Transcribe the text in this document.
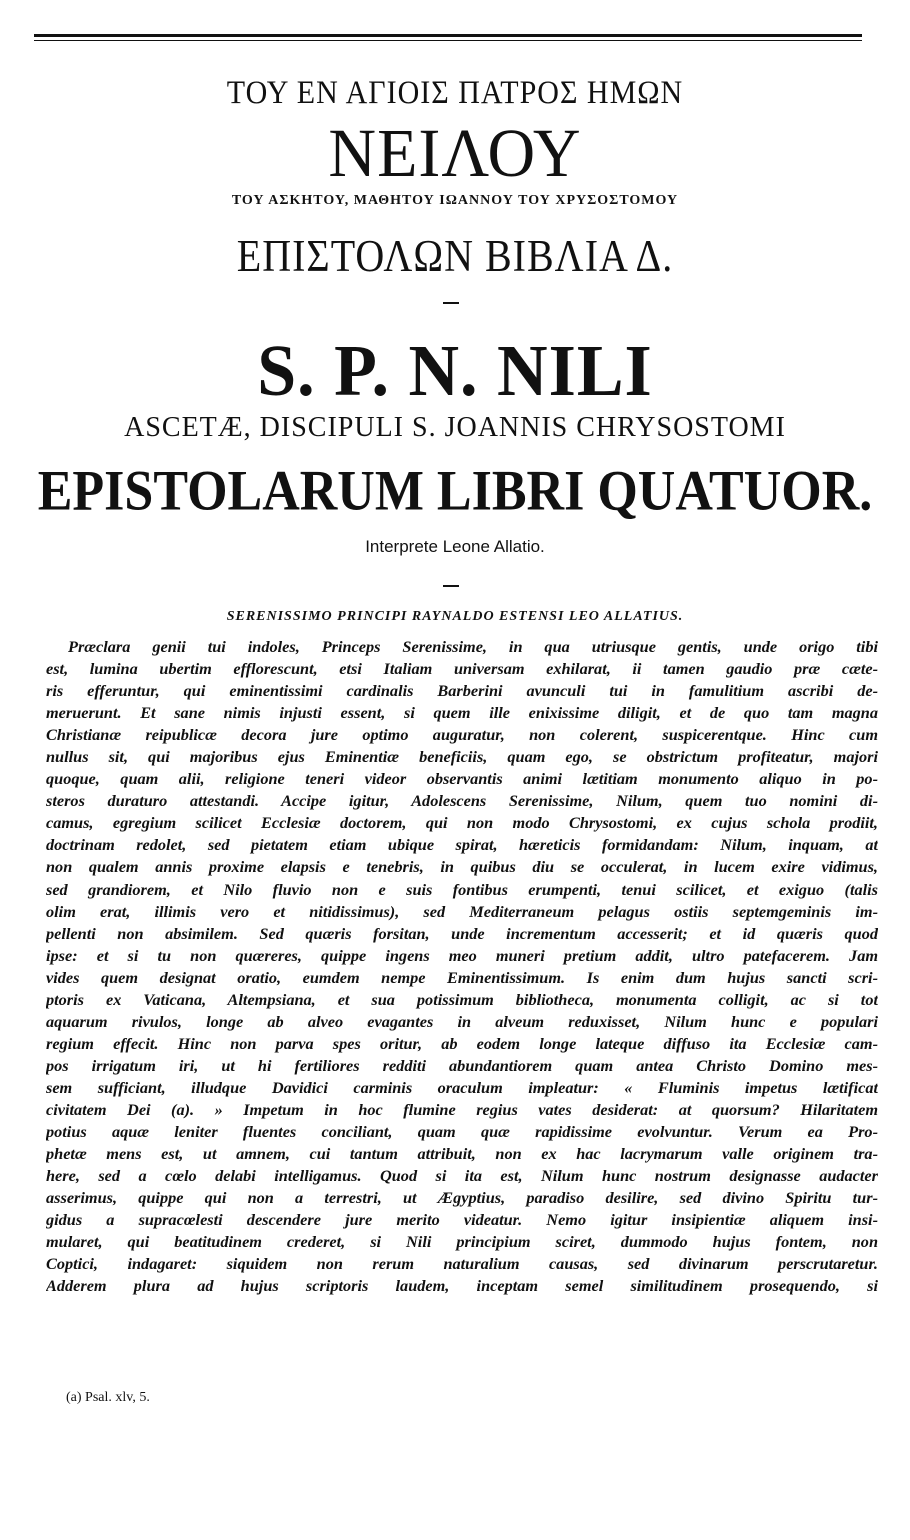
ΤΟΥ ΕΝ ΑΓΙΟΙΣ ΠΑΤΡΟΣ ΗΜΩΝ
ΝΕΙΛΟΥ
ΤΟΥ ΑΣΚΗΤΟΥ, ΜΑΘΗΤΟΥ ΙΩΑΝΝΟΥ ΤΟΥ ΧΡΥΣΟΣΤΟΜΟΥ
ΕΠΙΣΤΟΛΩΝ ΒΙΒΛΙΑ Δ.
S. P. N. NILI
ASCETÆ, DISCIPULI S. JOANNIS CHRYSOSTOMI
EPISTOLARUM LIBRI QUATUOR.
Interprete Leone Allatio.
SERENISSIMO PRINCIPI RAYNALDO ESTENSI LEO ALLATIUS.
Præclara genii tui indoles, Princeps Serenissime, in qua utriusque gentis, unde origo tibi
est, lumina ubertim efflorescunt, etsi Italiam universam exhilarat, ii tamen gaudio præ cæte-
ris efferuntur, qui eminentissimi cardinalis Barberini avunculi tui in famulitium ascribi de-
meruerunt. Et sane nimis injusti essent, si quem ille enixissime diligit, et de quo tam magna
Christianæ reipublicæ decora jure optimo auguratur, non colerent, suspicerentque. Hinc cum
nullus sit, qui majoribus ejus Eminentiæ beneficiis, quam ego, se obstrictum profiteatur, majori
quoque, quam alii, religione teneri videor observantis animi lætitiam monumento aliquo in po-
steros duraturo attestandi. Accipe igitur, Adolescens Serenissime, Nilum, quem tuo nomini di-
camus, egregium scilicet Ecclesiæ doctorem, qui non modo Chrysostomi, ex cujus schola prodiit,
doctrinam redolet, sed pietatem etiam ubique spirat, hæreticis formidandam: Nilum, inquam, at
non qualem annis proxime elapsis e tenebris, in quibus diu se occulerat, in lucem exire vidimus,
sed grandiorem, et Nilo fluvio non e suis fontibus erumpenti, tenui scilicet, et exiguo (talis
olim erat, illimis vero et nitidissimus), sed Mediterraneum pelagus ostiis septemgeminis im-
pellenti non absimilem. Sed quæris forsitan, unde incrementum accesserit; et id quæris quod
ipse: et si tu non quæreres, quippe ingens meo muneri pretium addit, ultro patefacerem. Jam
vides quem designat oratio, eumdem nempe Eminentissimum. Is enim dum hujus sancti scri-
ptoris ex Vaticana, Altempsiana, et sua potissimum bibliotheca, monumenta colligit, ac si tot
aquarum rivulos, longe ab alveo evagantes in alveum reduxisset, Nilum hunc e populari
regium effecit. Hinc non parva spes oritur, ab eodem longe lateque diffuso ita Ecclesiæ cam-
pos irrigatum iri, ut hi fertiliores redditi abundantiorem quam antea Christo Domino mes-
sem sufficiant, illudque Davidici carminis oraculum impleatur: « Fluminis impetus lætificat
civitatem Dei (a). » Impetum in hoc flumine regius vates desiderat: at quorsum? Hilaritatem
potius aquæ leniter fluentes conciliant, quam quæ rapidissime evolvuntur. Verum ea Pro-
phetæ mens est, ut amnem, cui tantum attribuit, non ex hac lacrymarum valle originem tra-
here, sed a cœlo delabi intelligamus. Quod si ita est, Nilum hunc nostrum designasse audacter
asserimus, quippe qui non a terrestri, ut Ægyptius, paradiso desilire, sed divino Spiritu tur-
gidus a supracœlesti descendere jure merito videatur. Nemo igitur insipientiæ aliquem insi-
mularet, qui beatitudinem crederet, si Nili principium sciret, dummodo hujus fontem, non
Coptici, indagaret: siquidem non rerum naturalium causas, sed divinarum perscrutaretur.
Adderem plura ad hujus scriptoris laudem, inceptam semel similitudinem prosequendo, si
(a) Psal. xlv, 5.
